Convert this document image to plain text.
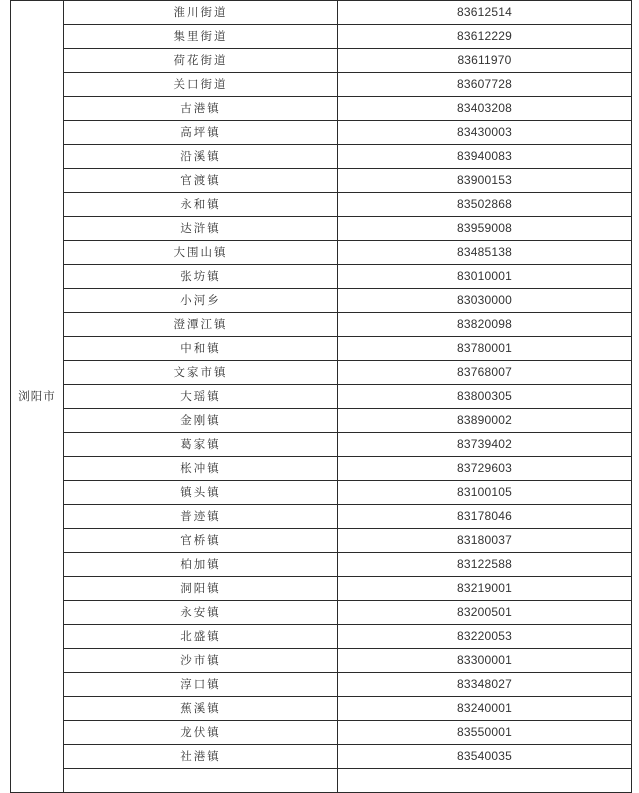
浏阳市	淮川街道	83612514
	集里街道	83612229
	荷花街道	83611970
	关口街道	83607728
	古港镇	83403208
	高坪镇	83430003
	沿溪镇	83940083
	官渡镇	83900153
	永和镇	83502868
	达浒镇	83959008
	大围山镇	83485138
	张坊镇	83010001
	小河乡	83030000
	澄潭江镇	83820098
	中和镇	83780001
	文家市镇	83768007
	大瑶镇	83800305
	金刚镇	83890002
	葛家镇	83739402
	枨冲镇	83729603
	镇头镇	83100105
	普迹镇	83178046
	官桥镇	83180037
	柏加镇	83122588
	洞阳镇	83219001
	永安镇	83200501
	北盛镇	83220053
	沙市镇	83300001
	淳口镇	83348027
	蕉溪镇	83240001
	龙伏镇	83550001
	社港镇	83540035
